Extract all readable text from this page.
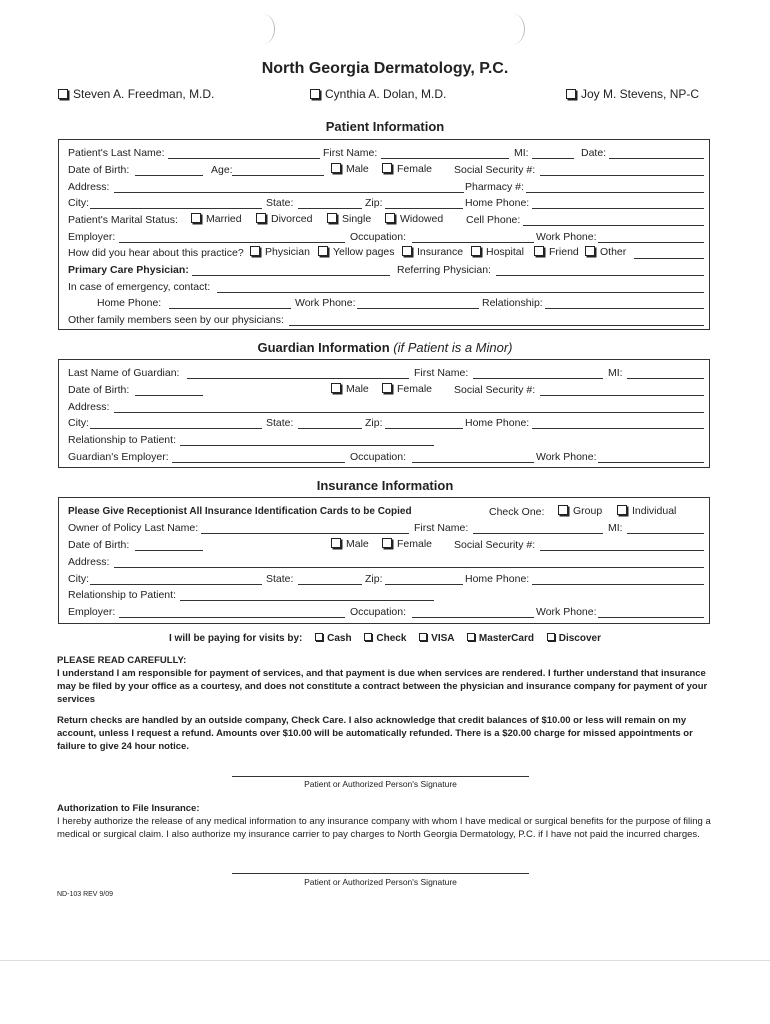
North Georgia Dermatology, P.C.
Steven A. Freedman, M.D.	Cynthia A. Dolan, M.D.	Joy M. Stevens, NP-C
Patient Information
Patient's Last Name:	First Name:	MI:	Date:
Date of Birth:	Age:	Male	Female Social Security #:
Address:	Pharmacy #:
City:	State:	Zip:	Home Phone:
Patient's Marital Status:	Married	Divorced	Single	Widowed Cell Phone:
Employer:	Occupation:	Work Phone:
How did you hear about this practice?	Physician	Yellow pages	Insurance	Hospital	Friend	Other
Primary Care Physician:	Referring Physician:
In case of emergency, contact:
Home Phone:	Work Phone:	Relationship:
Other family members seen by our physicians:
Guardian Information (if Patient is a Minor)
Last Name of Guardian:	First Name:	MI:
Date of Birth:	Male	Female Social Security #:
Address:
City:	State:	Zip:	Home Phone:
Relationship to Patient:
Guardian's Employer:	Occupation:	Work Phone:
Insurance Information
Please Give Receptionist All Insurance Identification Cards to be Copied	Check One:	Group	Individual
Owner of Policy Last Name:	First Name:	MI:
Date of Birth:	Male	Female Social Security #:
Address:
City:	State:	Zip:	Home Phone:
Relationship to Patient:
Employer:	Occupation:	Work Phone:
I will be paying for visits by: Cash Check VISA MasterCard Discover
PLEASE READ CAREFULLY:
I understand I am responsible for payment of services, and that payment is due when services are rendered. I further understand that insurance may be filed by your office as a courtesy, and does not constitute a contract between the physician and insurance company for payment of your services
Return checks are handled by an outside company, Check Care. I also acknowledge that credit balances of $10.00 or less will remain on my account, unless I request a refund. Amounts over $10.00 will be automatically refunded. There is a $20.00 charge for missed appointments or failure to give 24 hour notice.
Patient or Authorized Person's Signature
Authorization to File Insurance:
I hereby authorize the release of any medical information to any insurance company with whom I have medical or surgical benefits for the purpose of filing a medical or surgical claim. I also authorize my insurance carrier to pay charges to North Georgia Dermatology, P.C. if I have not paid the incurred charges.
Patient or Authorized Person's Signature
ND-103 REV 9/09
